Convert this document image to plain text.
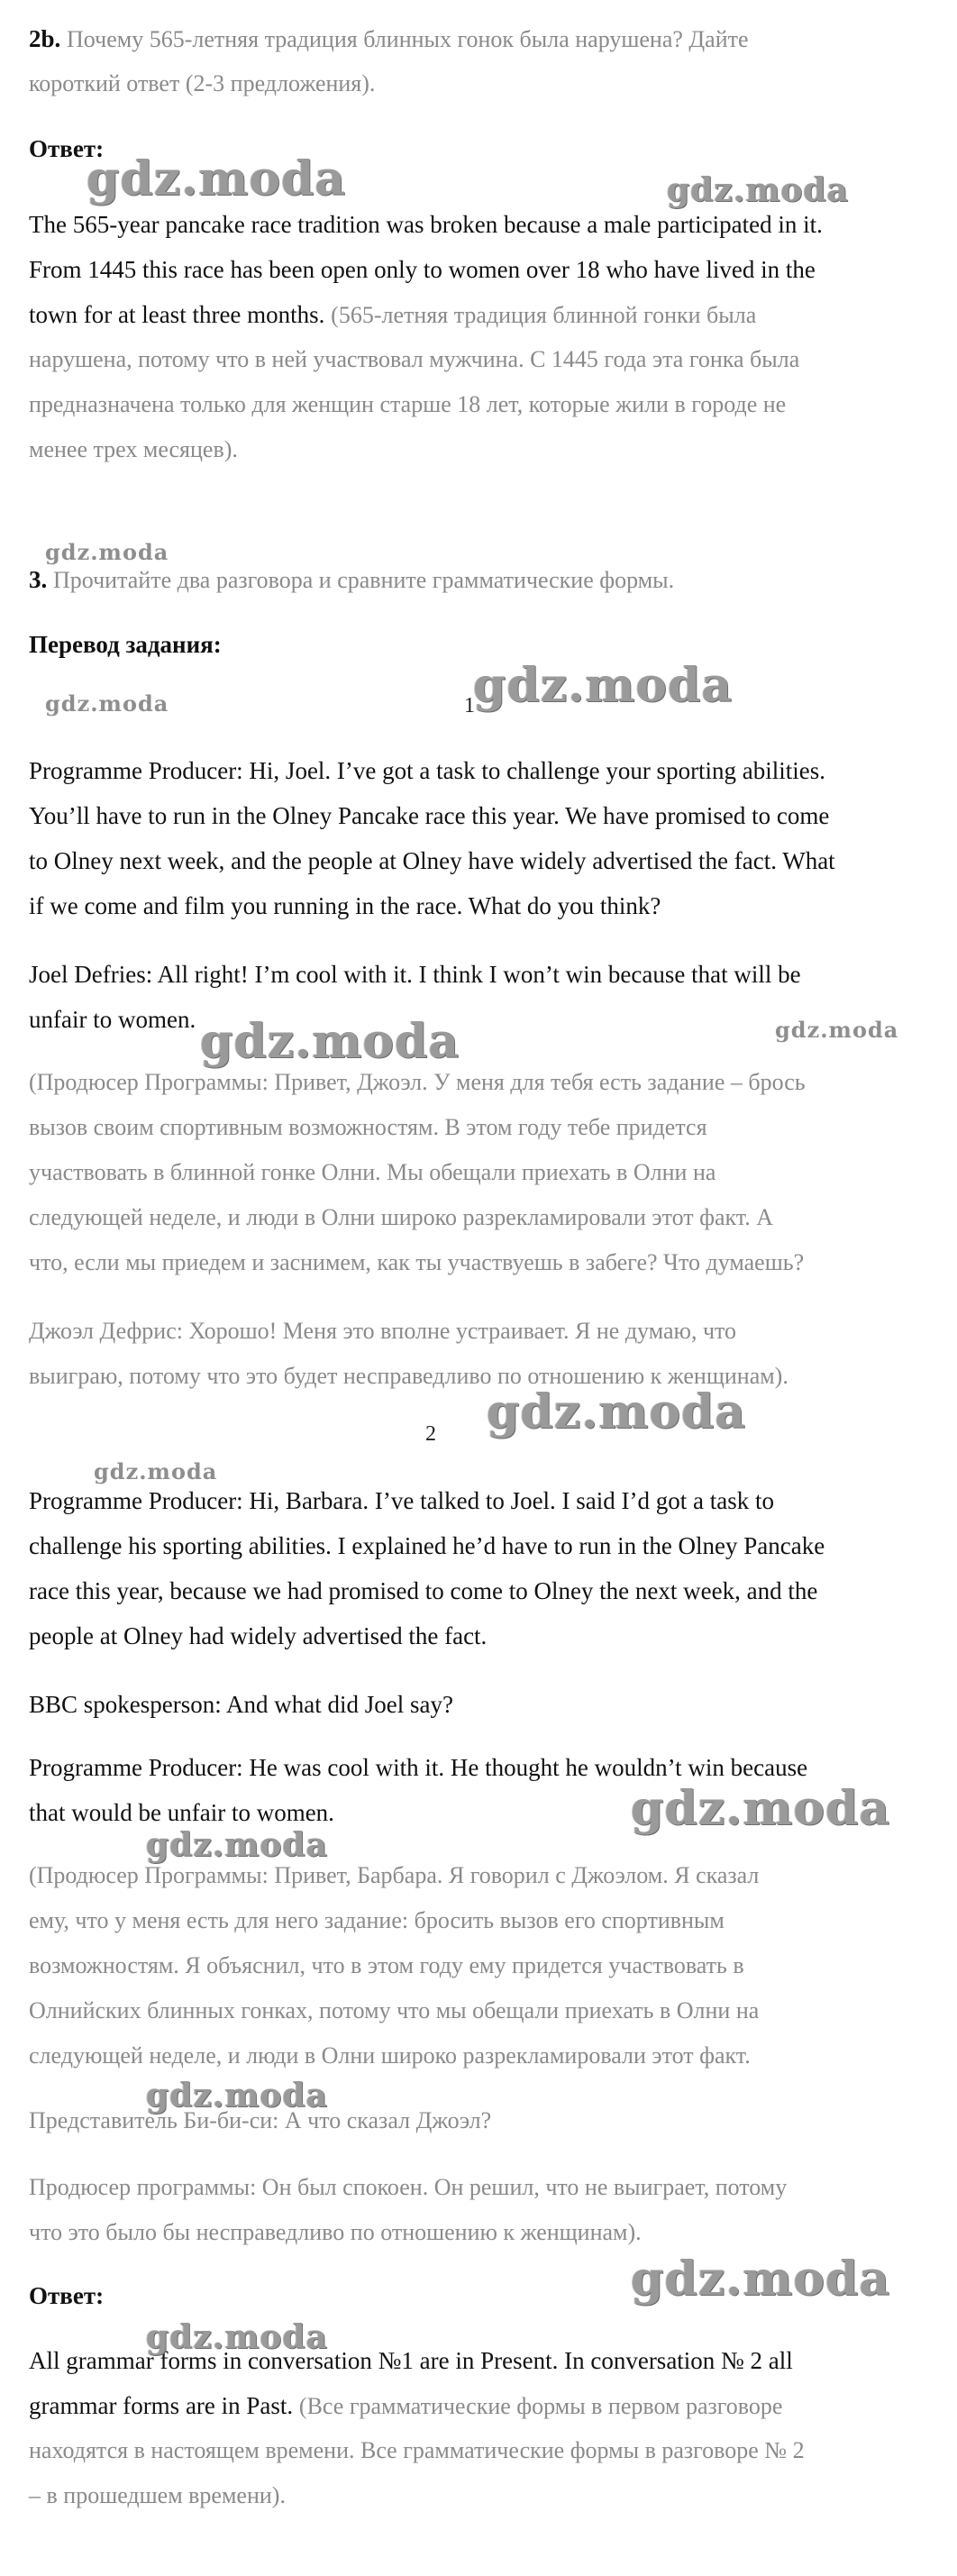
2b. Почему 565-летняя традиция блинных гонок была нарушена? Дайте
короткий ответ (2-3 предложения).
Ответ:
The 565-year pancake race tradition was broken because a male participated in it.
From 1445 this race has been open only to women over 18 who have lived in the
town for at least three months. (565-летняя традиция блинной гонки была
нарушена, потому что в ней участвовал мужчина. С 1445 года эта гонка была
предназначена только для женщин старше 18 лет, которые жили в городе не
менее трех месяцев).
3. Прочитайте два разговора и сравните грамматические формы.
Перевод задания:
1
Programme Producer: Hi, Joel. I’ve got a task to challenge your sporting abilities.
You’ll have to run in the Olney Pancake race this year. We have promised to come
to Olney next week, and the people at Olney have widely advertised the fact. What
if we come and film you running in the race. What do you think?
Joel Defries: All right! I’m cool with it. I think I won’t win because that will be
unfair to women.
(Продюсер Программы: Привет, Джоэл. У меня для тебя есть задание – брось
вызов своим спортивным возможностям. В этом году тебе придется
участвовать в блинной гонке Олни. Мы обещали приехать в Олни на
следующей неделе, и люди в Олни широко разрекламировали этот факт. А
что, если мы приедем и заснимем, как ты участвуешь в забеге? Что думаешь?
Джоэл Дефрис: Хорошо! Меня это вполне устраивает. Я не думаю, что
выиграю, потому что это будет несправедливо по отношению к женщинам).
2
Programme Producer: Hi, Barbara. I’ve talked to Joel. I said I’d got a task to
challenge his sporting abilities. I explained he’d have to run in the Olney Pancake
race this year, because we had promised to come to Olney the next week, and the
people at Olney had widely advertised the fact.
BBC spokesperson: And what did Joel say?
Programme Producer: He was cool with it. He thought he wouldn’t win because
that would be unfair to women.
(Продюсер Программы: Привет, Барбара. Я говорил с Джоэлом. Я сказал
ему, что у меня есть для него задание: бросить вызов его спортивным
возможностям. Я объяснил, что в этом году ему придется участвовать в
Олнийских блинных гонках, потому что мы обещали приехать в Олни на
следующей неделе, и люди в Олни широко разрекламировали этот факт.
Представитель Би-би-си: А что сказал Джоэл?
Продюсер программы: Он был спокоен. Он решил, что не выиграет, потому
что это было бы несправедливо по отношению к женщинам).
Ответ:
All grammar forms in conversation №1 are in Present. In conversation № 2 all
grammar forms are in Past. (Все грамматические формы в первом разговоре
находятся в настоящем времени. Все грамматические формы в разговоре № 2
– в прошедшем времени).
gdz.moda	gdz.moda
gdz.moda
gdz.moda	gdz.moda
gdz.moda	gdz.moda
gdz.moda
gdz.moda
gdz.moda
gdz.moda
gdz.moda
gdz.moda
gdz.moda
